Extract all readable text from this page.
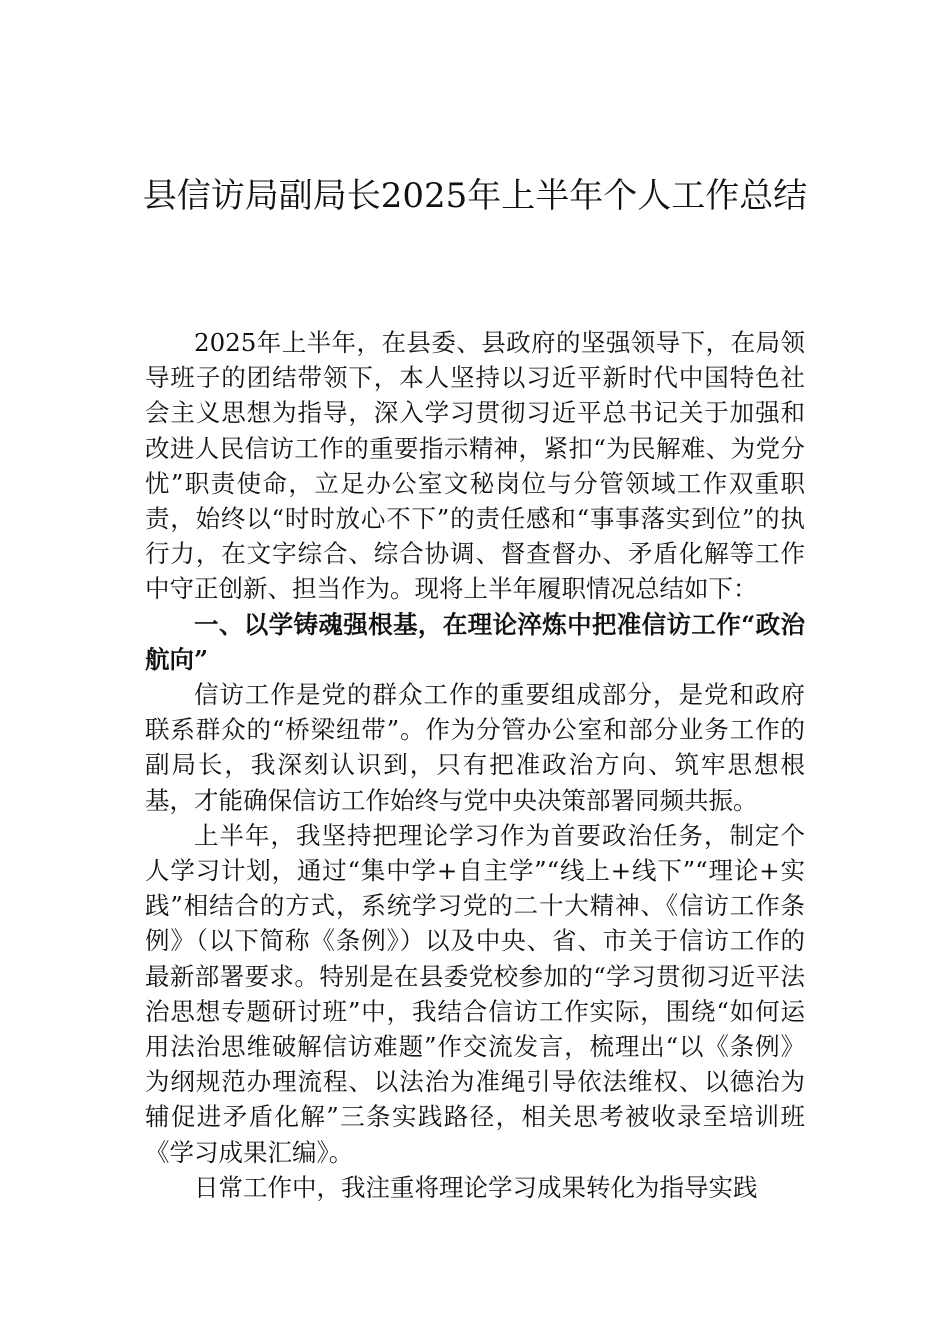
县信访局副局长2025年上半年个人工作总结

2025年上半年，在县委、县政府的坚强领导下，在局领导班子的团结带领下，本人坚持以习近平新时代中国特色社会主义思想为指导，深入学习贯彻习近平总书记关于加强和改进人民信访工作的重要指示精神，紧扣“为民解难、为党分忧”职责使命，立足办公室文秘岗位与分管领域工作双重职责，始终以“时时放心不下”的责任感和“事事落实到位”的执行力，在文字综合、综合协调、督查督办、矛盾化解等工作中守正创新、担当作为。现将上半年履职情况总结如下：

一、以学铸魂强根基，在理论淬炼中把准信访工作“政治航向”

信访工作是党的群众工作的重要组成部分，是党和政府联系群众的“桥梁纽带”。作为分管办公室和部分业务工作的副局长，我深刻认识到，只有把准政治方向、筑牢思想根基，才能确保信访工作始终与党中央决策部署同频共振。

上半年，我坚持把理论学习作为首要政治任务，制定个人学习计划，通过“集中学+自主学”“线上+线下”“理论+实践”相结合的方式，系统学习党的二十大精神、《信访工作条例》（以下简称《条例》）以及中央、省、市关于信访工作的最新部署要求。特别是在县委党校参加的“学习贯彻习近平法治思想专题研讨班”中，我结合信访工作实际，围绕“如何运用法治思维破解信访难题”作交流发言，梳理出“以《条例》为纲规范办理流程、以法治为准绳引导依法维权、以德治为辅促进矛盾化解”三条实践路径，相关思考被收录至培训班《学习成果汇编》。

日常工作中，我注重将理论学习成果转化为指导实践
